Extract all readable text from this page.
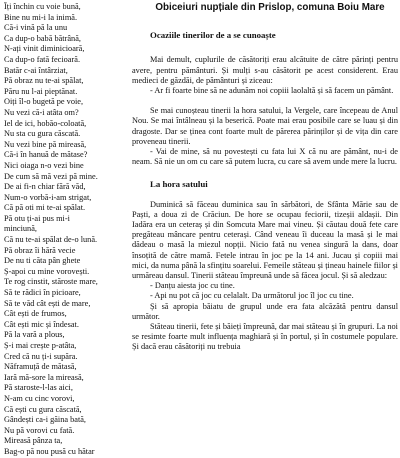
Îți închin cu voie bună,
Bine nu mi-i la inimă.
Că-i vină pă la unu
Ca dup-o babă bătrână,
N-ați vinit diminicioară,
Ca dup-o fată fecioară.
Batăr c-ai întârziat,
Pă obraz nu te-ai spălat,
Păru nu l-ai pieptănat.
Oiți îl-o bugetă pe voie,
Nu vezi că-i atâta om?
Iel de ici, hobăo-coloată,
Nu sta cu gura căscată.
Nu vezi bine pă mireasă,
Că-i în hanuă de mătase?
Nici oiaga n-o vezi bine
De cum să mă vezi pă mine.
De ai fi-n chiar fără văd,
Num-o vorbă-i-am strigat,
Că pă oti mi te-ai spălat.
Pă otu ți-ai pus mi-i
minciună,
Că nu te-ai spălat de-o lună.
Pă obraz îi hără vecie
De nu ti căta pân ghete
Ș-apoi cu mine vorovești.
Te rog cinstit, stăroste mare,
Să te rădici în picioare,
Să te văd cât ești de mare,
Cât ești de frumos,
Cât ești mic și îndesat.
Pă la vară a plous,
Ș-i mai crește p-atâta,
Cred că nu ți-i supăra.
Năframuță de mătasă,
Iară mă-sore la mireasă,
Pă staroste-l-las aici,
N-am cu cinc vorovi,
Că ești cu gura căscată,
Gândești ca-i găina bată,
Nu pă vorovi cu fată.
Mireasă pânza ta,
Bag-o pă nou pusă cu hătar
Obiceiuri nupțiale din Prislop, comuna Boiu Mare
Ocaziile tinerilor de a se cunoaște

Mai demult, cuplurile de căsătoriți erau alcătuite de către părinți pentru avere, pentru pământuri. Și mulți s-au căsătorit pe acest considerent. Erau medieci de găzdăi, de pământuri și ziceau:

- Ar fi foarte bine să ne adunăm noi copiii laolaltă și să facem un pământ.

Se mai cunoșteau tinerii la hora satului, la Vergele, care începeau de Anul Nou. Se mai întâlneau și la beserică. Poate mai erau posibile care se luau și din dragoste. Dar se ținea cont foarte mult de părerea părinților și de vița din care proveneau tinerii.

- Vai de mine, să nu povestești cu fata lui X că nu are pământ, nu-i de neam. Să nie un om cu care să putem lucra, cu care să avem unde mere la lucru.

La hora satului

Duminică să făceau duminica sau în sărbători, de Sfânta Mărie sau de Paști, a doua zi de Crăciun. De hore se ocupau feciorii, tizeșii aldașii. Din Iadăra era un ceteraș și din Somcuta Mare mai vineu. Și căutau două fete care pregăteau mâncare pentru ceterași. Când veneau îi duceau la masă și le mai dădeau o masă la miezul nopții. Nicio fată nu venea singură la dans, doar însoțită de către mamă. Fetele intrau în joc pe la 14 ani. Jucau și copiii mai mici, da numa până la sfințitu soarelui. Femeile stăteau și țineau hainele fiilor și urmăreau dansul. Tinerii stăteau împreună unde să făcea jocul. Și să aledzau:

- Danțu aiesta joc cu tine.

- Api nu pot că joc cu celalalt. Da următorul joc îl joc cu tine.

Și să apropia băiatu de grupul unde era fata alcăzătă pentru dansul următor.

Stăteau tinerii, fete și băieți împreună, dar mai stăteau și în grupuri. La noi se resimte foarte mult influența maghiară și în portul, și în costumele populare. Și dacă erau căsătoriți nu trebuia
